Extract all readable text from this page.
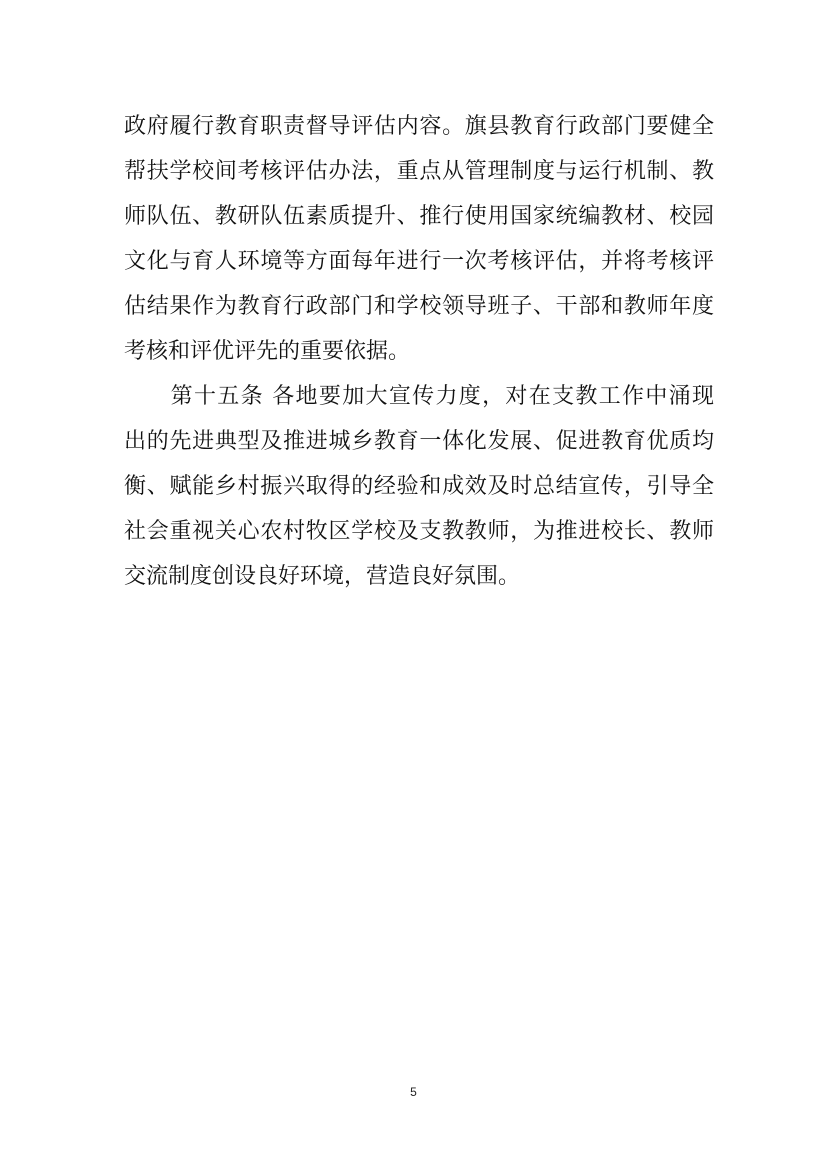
政府履行教育职责督导评估内容。旗县教育行政部门要健全
帮扶学校间考核评估办法，重点从管理制度与运行机制、教
师队伍、教研队伍素质提升、推行使用国家统编教材、校园
文化与育人环境等方面每年进行一次考核评估，并将考核评
估结果作为教育行政部门和学校领导班子、干部和教师年度
考核和评优评先的重要依据。
　　第十五条 各地要加大宣传力度，对在支教工作中涌现
出的先进典型及推进城乡教育一体化发展、促进教育优质均
衡、赋能乡村振兴取得的经验和成效及时总结宣传，引导全
社会重视关心农村牧区学校及支教教师，为推进校长、教师
交流制度创设良好环境，营造良好氛围。
5
